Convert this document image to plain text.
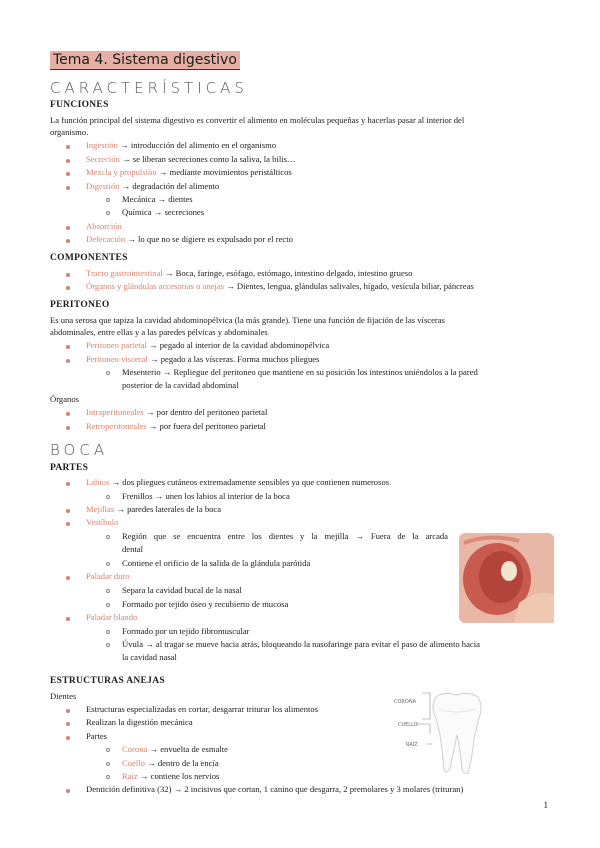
Tema 4. Sistema digestivo
CARACTERÍSTICAS
FUNCIONES
La función principal del sistema digestivo es convertir el alimento en moléculas pequeñas y hacerlas pasar al interior del
organismo.
Ingestión → introducción del alimento en el organismo
Secreción → se liberan secreciones como la saliva, la bilis…
Mezcla y propulsión → mediante movimientos peristálticos
Digestión → degradación del alimento
Mecánica → dientes
Química → secreciones
Absorción
Defecación → lo que no se digiere es expulsado por el recto
COMPONENTES
Tracto gastrointestinal → Boca, faringe, esófago, estómago, intestino delgado, intestino grueso
Órganos y glándulas accesorias o anejas → Dientes, lengua, glándulas salivales, hígado, vesícula biliar, páncreas
PERITONEO
Es una serosa que tapiza la cavidad abdominopélvica (la más grande). Tiene una función de fijación de las vísceras
abdominales, entre ellas y a las paredes pélvicas y abdominales
Peritoneo parietal → pegado al interior de la cavidad abdominopélvica
Peritoneo visceral → pegado a las vísceras. Forma muchos pliegues
Mesenterio → Repliegue del peritoneo que mantiene en su posición los intestinos uniéndolos a la pared
posterior de la cavidad abdominal
Órganos
Intraperitoneales → por dentro del peritoneo parietal
Retroperitoneales → por fuera del peritoneo parietal
BOCA
PARTES
Labios → dos pliegues cutáneos extremadamente sensibles ya que contienen numerosos
Frenillos → unen los labios al interior de la boca
Mejillas → paredes laterales de la boca
Vestíbulo
Región que se encuentra entre los dientes y la mejilla → Fuera de la arcada
dental
Contiene el orificio de la salida de la glándula parótida
Paladar duro
Separa la cavidad bucal de la nasal
Formado por tejido óseo y recubierto de mucosa
Paladar blando
Formado por un tejido fibromuscular
Úvula → al tragar se mueve hacia atrás, bloqueando la nasofaringe para evitar el paso de alimento hacia
la cavidad nasal
ESTRUCTURAS ANEJAS
Dientes
Estructuras especializadas en cortar, desgarrar triturar los alimentos
Realizan la digestión mecánica
Partes
Corona → envuelta de esmalte
Cuello → dentro de la encía
Raíz → contiene los nervios
Dentición definitiva (32) → 2 incisivos que cortan, 1 canino que desgarra, 2 premolares y 3 molares (trituran)
CORONA
CUELLO
RAÍZ
1
